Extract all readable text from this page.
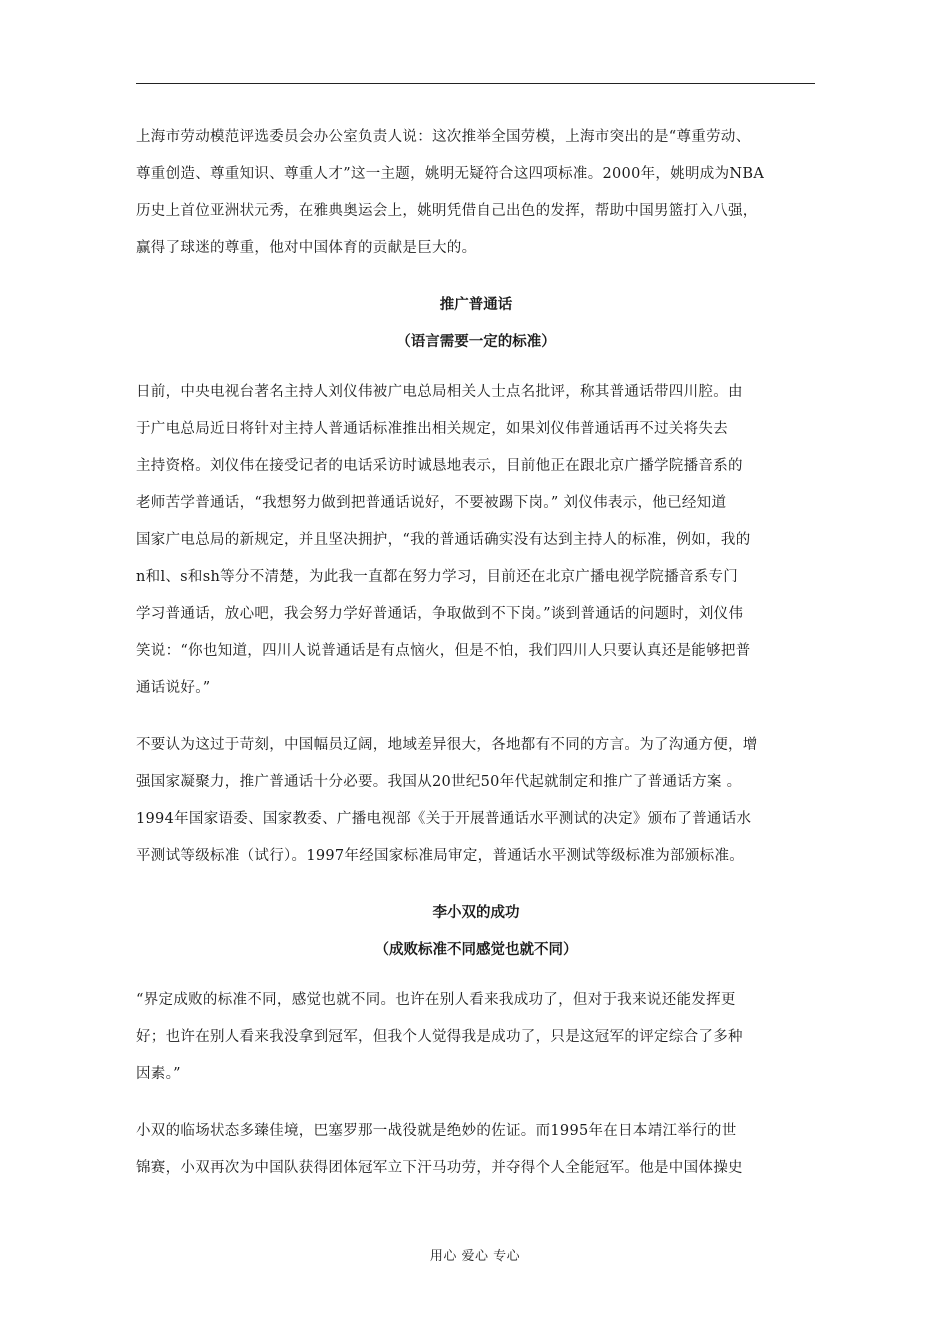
上海市劳动模范评选委员会办公室负责人说：这次推举全国劳模，上海市突出的是“尊重劳动、
尊重创造、尊重知识、尊重人才”这一主题，姚明无疑符合这四项标准。2000年，姚明成为NBA
历史上首位亚洲状元秀，在雅典奥运会上，姚明凭借自己出色的发挥，帮助中国男篮打入八强，
赢得了球迷的尊重，他对中国体育的贡献是巨大的。

推广普通话

（语言需要一定的标准）

日前，中央电视台著名主持人刘仪伟被广电总局相关人士点名批评，称其普通话带四川腔。由
于广电总局近日将针对主持人普通话标准推出相关规定，如果刘仪伟普通话再不过关将失去
主持资格。刘仪伟在接受记者的电话采访时诚恳地表示，目前他正在跟北京广播学院播音系的
老师苦学普通话，“我想努力做到把普通话说好，不要被踢下岗。” 刘仪伟表示，他已经知道
国家广电总局的新规定，并且坚决拥护，“我的普通话确实没有达到主持人的标准，例如，我的
n和l、s和sh等分不清楚，为此我一直都在努力学习，目前还在北京广播电视学院播音系专门
学习普通话，放心吧，我会努力学好普通话，争取做到不下岗。”谈到普通话的问题时，刘仪伟
笑说：“你也知道，四川人说普通话是有点恼火，但是不怕，我们四川人只要认真还是能够把普
通话说好。”

不要认为这过于苛刻，中国幅员辽阔，地域差异很大，各地都有不同的方言。为了沟通方便，增
强国家凝聚力，推广普通话十分必要。我国从20世纪50年代起就制定和推广了普通话方案 。
1994年国家语委、国家教委、广播电视部《关于开展普通话水平测试的决定》颁布了普通话水
平测试等级标准（试行）。1997年经国家标准局审定，普通话水平测试等级标准为部颁标准。

李小双的成功

（成败标准不同感觉也就不同）

“界定成败的标准不同，感觉也就不同。也许在别人看来我成功了，但对于我来说还能发挥更
好；也许在别人看来我没拿到冠军，但我个人觉得我是成功了，只是这冠军的评定综合了多种
因素。”

小双的临场状态多臻佳境，巴塞罗那一战役就是绝妙的佐证。而1995年在日本靖江举行的世
锦赛，小双再次为中国队获得团体冠军立下汗马功劳，并夺得个人全能冠军。他是中国体操史

用心 爱心 专心
